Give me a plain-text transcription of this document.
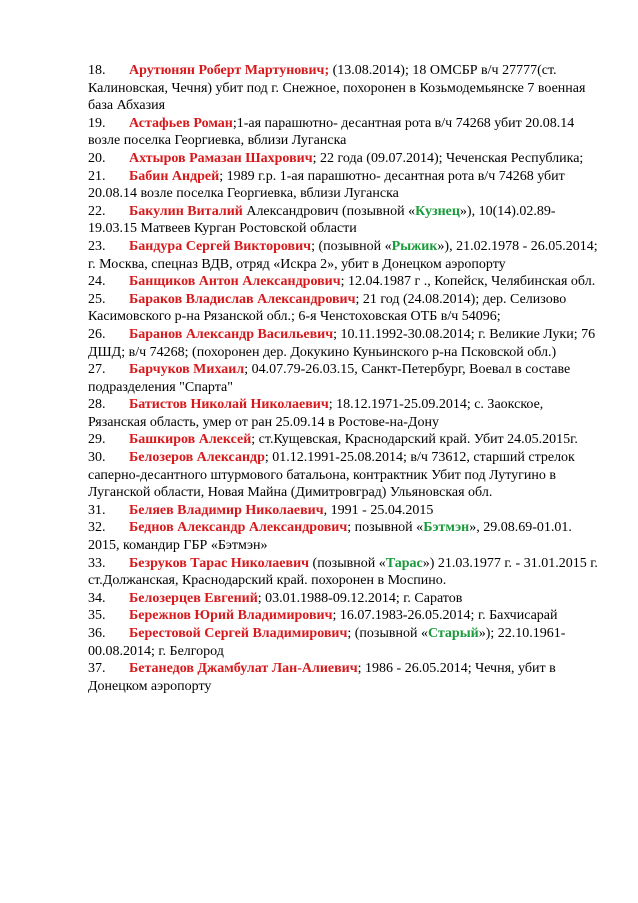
18. Арутюнян Роберт Мартунович; (13.08.2014); 18 ОМСБР в/ч 27777(ст. Калиновская, Чечня) убит под г. Снежное, похоронен в Козьмодемьянске 7 военная база Абхазия

19. Астафьев Роман;1-ая парашютно- десантная рота в/ч 74268 убит 20.08.14 возле поселка Георгиевка, вблизи Луганска

20. Ахтыров Рамазан Шахрович; 22 года (09.07.2014); Чеченская Республика;

21. Бабин Андрей; 1989 г.р. 1-ая парашютно- десантная рота в/ч 74268 убит 20.08.14 возле поселка Георгиевка, вблизи Луганска

22. Бакулин Виталий Александрович (позывной «Кузнец»), 10(14).02.89-19.03.15 Матвеев Курган Ростовской области

23. Бандура Сергей Викторович; (позывной «Рыжик»), 21.02.1978 - 26.05.2014; г. Москва, спецназ ВДВ, отряд «Искра 2», убит в Донецком аэропорту

24. Банщиков Антон Александрович; 12.04.1987 г ., Копейск, Челябинская обл.

25. Бараков Владислав Александрович; 21 год (24.08.2014); дер. Селизово Касимовского р-на Рязанской обл.; 6-я Ченстоховская ОТБ в/ч 54096;

26. Баранов Александр Васильевич; 10.11.1992-30.08.2014; г. Великие Луки; 76 ДШД; в/ч 74268; (похоронен дер. Докукино Куньинского р-на Псковской обл.)

27. Барчуков Михаил; 04.07.79-26.03.15, Санкт-Петербург, Воевал в составе подразделения "Спарта"

28. Батистов Николай Николаевич; 18.12.1971-25.09.2014; с. Заокское, Рязанская область, умер от ран 25.09.14 в Ростове-на-Дону

29. Башкиров Алексей; ст.Кущевская, Краснодарский край. Убит 24.05.2015г.

30. Белозеров Александр; 01.12.1991-25.08.2014; в/ч 73612, старший стрелок саперно-десантного штурмового батальона, контрактник Убит под Лутугино в Луганской области, Новая Майна (Димитровград) Ульяновская обл.

31. Беляев Владимир Николаевич, 1991 - 25.04.2015

32. Беднов Александр Александрович; позывной «Бэтмэн», 29.08.69-01.01. 2015, командир ГБР «Бэтмэн»

33. Безруков Тарас Николаевич (позывной «Тарас») 21.03.1977 г. - 31.01.2015 г. ст.Должанская, Краснодарский край. похоронен в Моспино.

34. Белозерцев Евгений; 03.01.1988-09.12.2014; г. Саратов

35. Бережнов Юрий Владимирович; 16.07.1983-26.05.2014; г. Бахчисарай

36. Берестовой Сергей Владимирович; (позывной «Старый»); 22.10.1961-00.08.2014; г. Белгород

37. Бетанедов Джамбулат Лан-Алиевич; 1986 - 26.05.2014; Чечня, убит в Донецком аэропорту
